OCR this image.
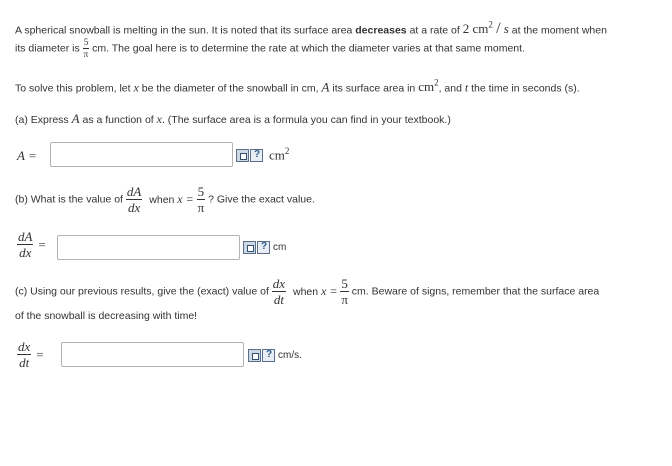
A spherical snowball is melting in the sun. It is noted that its surface area decreases at a rate of 2 $cm^2$ / s at the moment when
its diameter is $\frac{5}{\pi}$ cm. The goal here is to determine the rate at which the diameter varies at that same moment.
To solve this problem, let x be the diameter of the snowball in cm, A its surface area in $cm^2$, and t the time in seconds (s).
(a) Express A as a function of x. (The surface area is a formula you can find in your textbook.)
A = ?	$cm^2$
(b) What is the value of $\frac{dA}{dx}$ when $x = \frac{5}{\pi}$ ? Give the exact value.
$\frac{dA}{dx}$ = ?	cm
(c) Using our previous results, give the (exact) value of $\frac{dx}{dt}$ when $x = \frac{5}{\pi}$ cm. Beware of signs, remember that the surface area
of the snowball is decreasing with time!
$\frac{dx}{dt}$ = ?	cm/s.
